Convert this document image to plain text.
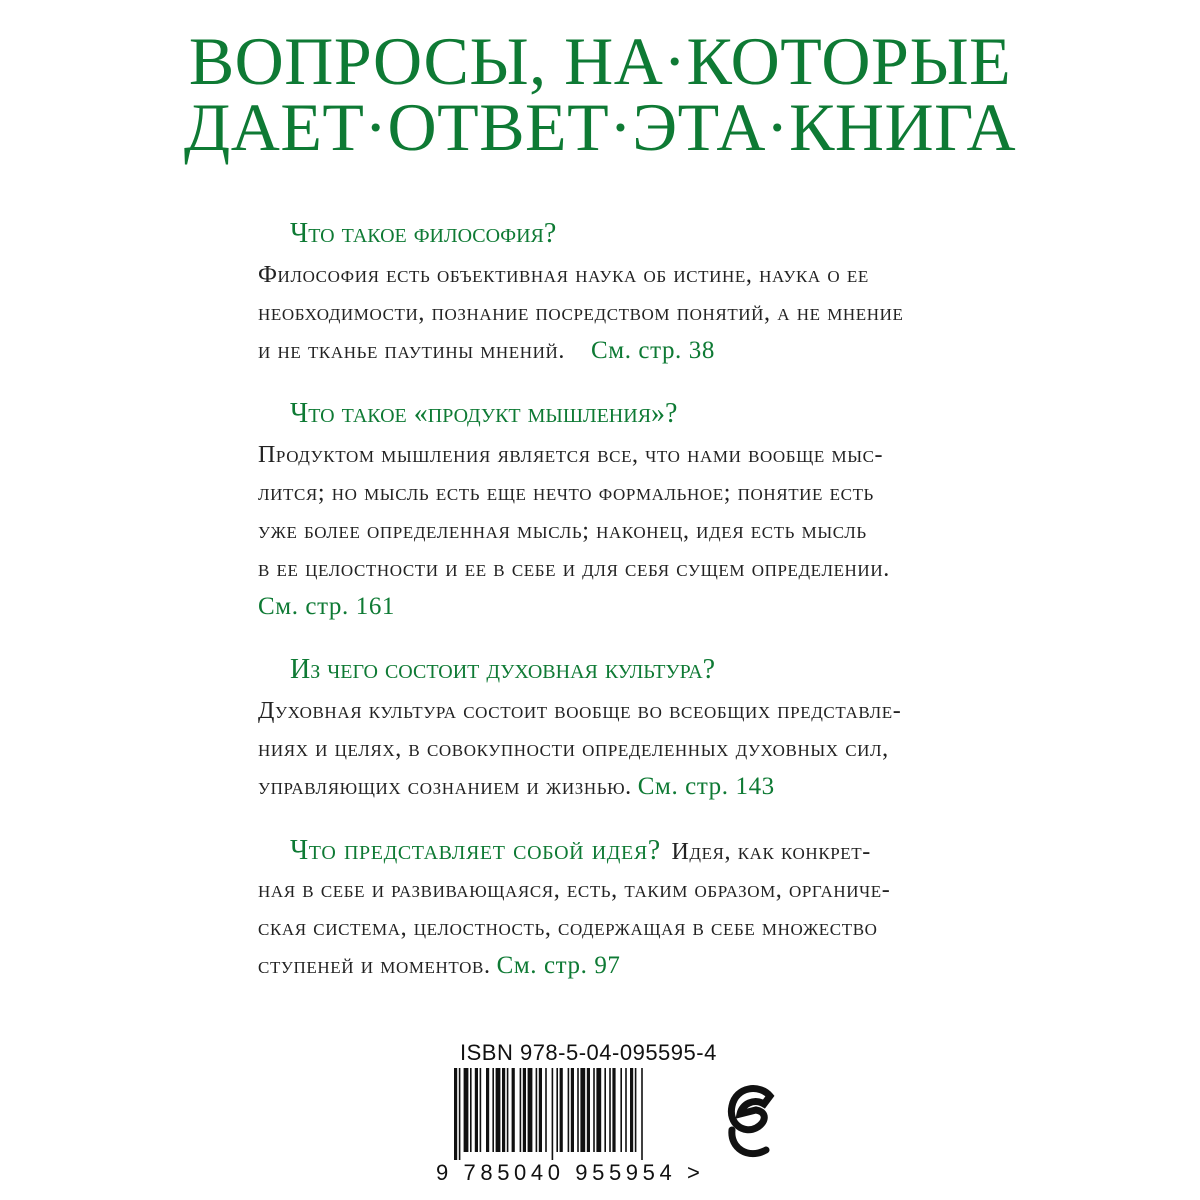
ВОПРОСЫ, НА·КОТОРЫЕ
ДАЕТ·ОТВЕТ·ЭТА·КНИГА
Что такое философия?
Философия есть объективная наука об истине, наука о ее
необходимости, познание посредством понятий, а не мнение
и не тканье паутины мнений. См. стр. 38
Что такое «продукт мышления»?
Продуктом мышления является все, что нами вообще мыс-
лится; но мысль есть еще нечто формальное; понятие есть
уже более определенная мысль; наконец, идея есть мысль
в ее целостности и ее в себе и для себя сущем определении.
См. стр. 161
Из чего состоит духовная культура?
Духовная культура состоит вообще во всеобщих представле-
ниях и целях, в совокупности определенных духовных сил,
управляющих сознанием и жизнью. См. стр. 143
Что представляет собой идея? Идея, как конкрет-
ная в себе и развивающаяся, есть, таким образом, органиче-
ская система, целостность, содержащая в себе множество
ступеней и моментов. См. стр. 97
ISBN 978-5-04-095595-4
9 785040 955954 >
